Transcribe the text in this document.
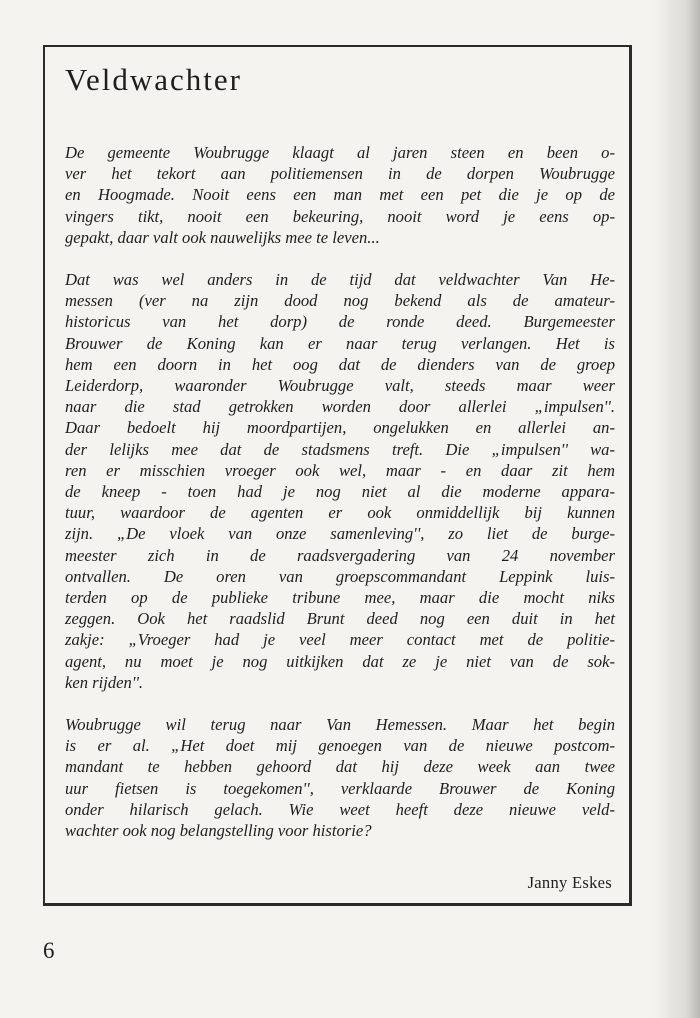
Veldwachter
De gemeente Woubrugge klaagt al jaren steen en been o-
ver het tekort aan politiemensen in de dorpen Woubrugge
en Hoogmade. Nooit eens een man met een pet die je op de
vingers tikt, nooit een bekeuring, nooit word je eens op-
gepakt, daar valt ook nauwelijks mee te leven...
Dat was wel anders in de tijd dat veldwachter Van He-
messen (ver na zijn dood nog bekend als de amateur-
historicus van het dorp) de ronde deed. Burgemeester
Brouwer de Koning kan er naar terug verlangen. Het is
hem een doorn in het oog dat de dienders van de groep
Leiderdorp, waaronder Woubrugge valt, steeds maar weer
naar die stad getrokken worden door allerlei „impulsen''.
Daar bedoelt hij moordpartijen, ongelukken en allerlei an-
der lelijks mee dat de stadsmens treft. Die „impulsen'' wa-
ren er misschien vroeger ook wel, maar - en daar zit hem
de kneep - toen had je nog niet al die moderne appara-
tuur, waardoor de agenten er ook onmiddellijk bij kunnen
zijn. „De vloek van onze samenleving'', zo liet de burge-
meester zich in de raadsvergadering van 24 november
ontvallen. De oren van groepscommandant Leppink luis-
terden op de publieke tribune mee, maar die mocht niks
zeggen. Ook het raadslid Brunt deed nog een duit in het
zakje: „Vroeger had je veel meer contact met de politie-
agent, nu moet je nog uitkijken dat ze je niet van de sok-
ken rijden''.
Woubrugge wil terug naar Van Hemessen. Maar het begin
is er al. „Het doet mij genoegen van de nieuwe postcom-
mandant te hebben gehoord dat hij deze week aan twee
uur fietsen is toegekomen'', verklaarde Brouwer de Koning
onder hilarisch gelach. Wie weet heeft deze nieuwe veld-
wachter ook nog belangstelling voor historie?
Janny Eskes
6
